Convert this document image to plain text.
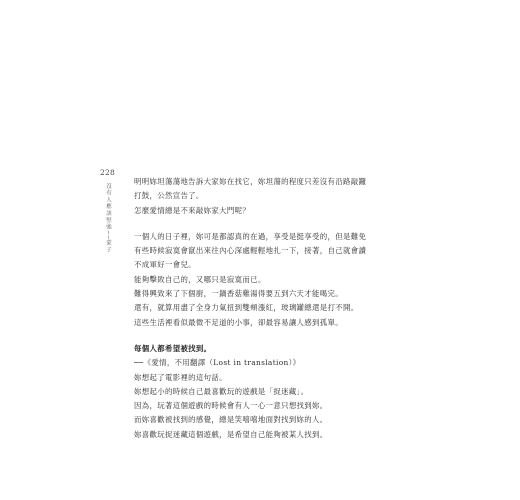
228
沒有人應該堅強──蒙子
明明妳坦蕩蕩地告訴大家妳在找它，妳坦蕩的程度只差沒有沿路敲鑼
打鼓，公然宣告了。
怎麼愛情總是不來敲妳家大門呢？
一個人的日子裡，妳可是都認真的在過，享受是挺享受的，但是難免
有些時候寂寞會竄出來往內心深處輕輕地扎一下，接著，自己就會讀
不成軍好一會兒。
能夠擊敗自己的，又哪只是寂寞而已。
難得興致來了下個廚，一鍋香菇雞湯得要五到六天才能喝完。
還有，就算用盡了全身力氣扭到雙頰漲紅，玻璃罐總還是打不開。
這些生活裡看似最微不足道的小事，卻最容易讓人感到孤單。
每個人都希望被找到。
──《愛情，不用翻譯（Lost in translation）》
妳想起了電影裡的這句話。
妳想起小的時候自己最喜歡玩的遊戲是「捉迷藏」。
因為，玩著這個遊戲的時候會有人一心一意只想找到妳。
而妳喜歡被找到的感覺，總是笑嘻嘻地面對找到妳的人。
妳喜歡玩捉迷藏這個遊戲，是希望自己能夠被某人找到。
